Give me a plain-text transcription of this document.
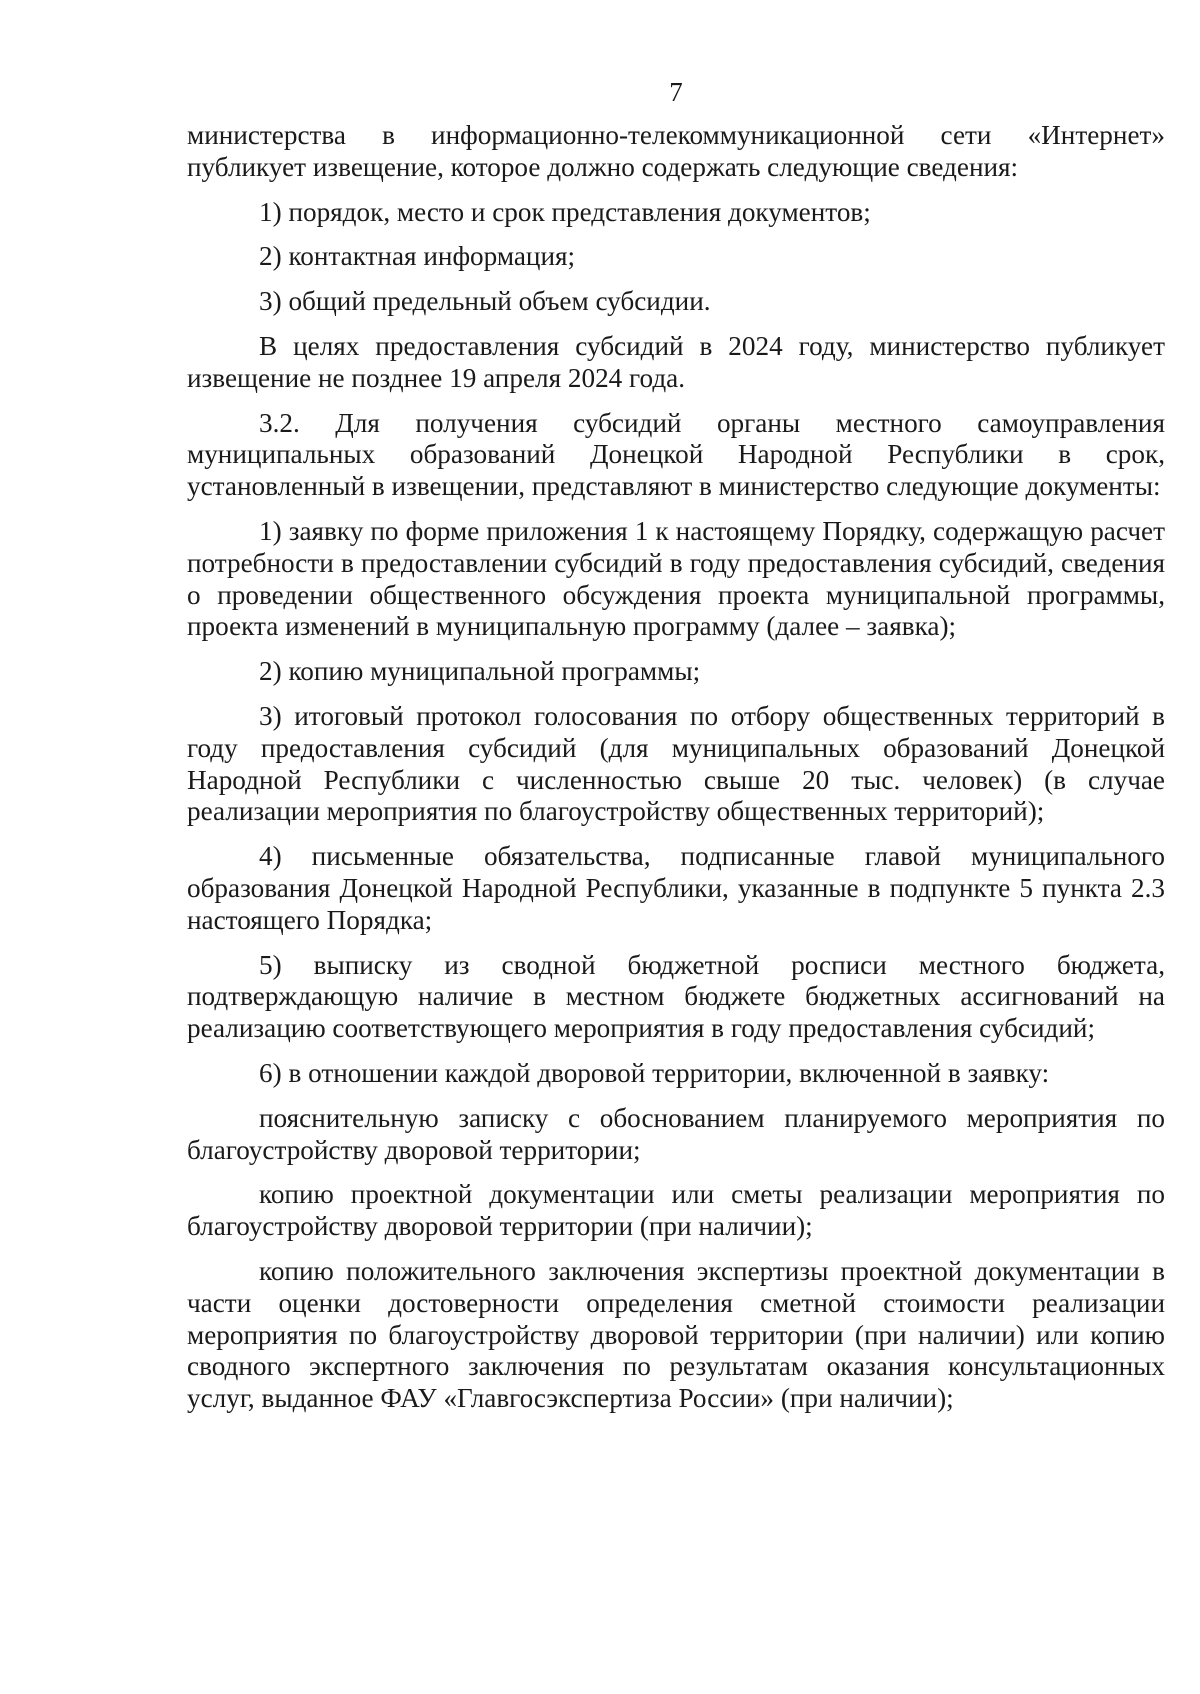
7

министерства в информационно-телекоммуникационной сети «Интернет» публикует извещение, которое должно содержать следующие сведения:

1) порядок, место и срок представления документов;

2) контактная информация;

3) общий предельный объем субсидии.

В целях предоставления субсидий в 2024 году, министерство публикует извещение не позднее 19 апреля 2024 года.

3.2. Для получения субсидий органы местного самоуправления муниципальных образований Донецкой Народной Республики в срок, установленный в извещении, представляют в министерство следующие документы:

1) заявку по форме приложения 1 к настоящему Порядку, содержащую расчет потребности в предоставлении субсидий в году предоставления субсидий, сведения о проведении общественного обсуждения проекта муниципальной программы, проекта изменений в муниципальную программу (далее – заявка);

2) копию муниципальной программы;

3) итоговый протокол голосования по отбору общественных территорий в году предоставления субсидий (для муниципальных образований Донецкой Народной Республики с численностью свыше 20 тыс. человек) (в случае реализации мероприятия по благоустройству общественных территорий);

4) письменные обязательства, подписанные главой муниципального образования Донецкой Народной Республики, указанные в подпункте 5 пункта 2.3 настоящего Порядка;

5) выписку из сводной бюджетной росписи местного бюджета, подтверждающую наличие в местном бюджете бюджетных ассигнований на реализацию соответствующего мероприятия в году предоставления субсидий;

6) в отношении каждой дворовой территории, включенной в заявку:

пояснительную записку с обоснованием планируемого мероприятия по благоустройству дворовой территории;

копию проектной документации или сметы реализации мероприятия по благоустройству дворовой территории (при наличии);

копию положительного заключения экспертизы проектной документации в части оценки достоверности определения сметной стоимости реализации мероприятия по благоустройству дворовой территории (при наличии) или копию сводного экспертного заключения по результатам оказания консультационных услуг, выданное ФАУ «Главгосэкспертиза России» (при наличии);
